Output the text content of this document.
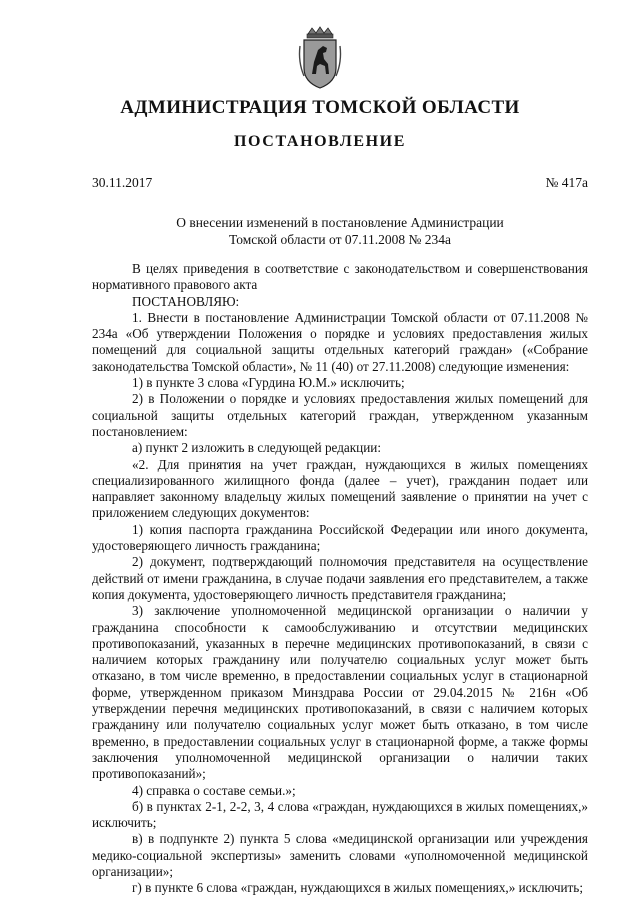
АДМИНИСТРАЦИЯ ТОМСКОЙ ОБЛАСТИ
ПОСТАНОВЛЕНИЕ
30.11.2017	№ 417а
О внесении изменений в постановление Администрации
Томской области от 07.11.2008 № 234а

В целях приведения в соответствие с законодательством и совершенствования нормативного правового акта

ПОСТАНОВЛЯЮ:

1. Внести в постановление Администрации Томской области от 07.11.2008 № 234а «Об утверждении Положения о порядке и условиях предоставления жилых помещений для социальной защиты отдельных категорий граждан» («Собрание законодательства Томской области», № 11 (40) от 27.11.2008) следующие изменения:

1) в пункте 3 слова «Гурдина Ю.М.» исключить;

2) в Положении о порядке и условиях предоставления жилых помещений для социальной защиты отдельных категорий граждан, утвержденном указанным постановлением:

а) пункт 2 изложить в следующей редакции:

«2. Для принятия на учет граждан, нуждающихся в жилых помещениях специализированного жилищного фонда (далее – учет), гражданин подает или направляет законному владельцу жилых помещений заявление о принятии на учет с приложением следующих документов:

1) копия паспорта гражданина Российской Федерации или иного документа, удостоверяющего личность гражданина;

2) документ, подтверждающий полномочия представителя на осуществление действий от имени гражданина, в случае подачи заявления его представителем, а также копия документа, удостоверяющего личность представителя гражданина;

3) заключение уполномоченной медицинской организации о наличии у гражданина способности к самообслуживанию и отсутствии медицинских противопоказаний, указанных в перечне медицинских противопоказаний, в связи с наличием которых гражданину или получателю социальных услуг может быть отказано, в том числе временно, в предоставлении социальных услуг в стационарной форме, утвержденном приказом Минздрава России от 29.04.2015 № 216н «Об утверждении перечня медицинских противопоказаний, в связи с наличием которых гражданину или получателю социальных услуг может быть отказано, в том числе временно, в предоставлении социальных услуг в стационарной форме, а также формы заключения уполномоченной медицинской организации о наличии таких противопоказаний»;

4) справка о составе семьи.»;

б) в пунктах 2-1, 2-2, 3, 4 слова «граждан, нуждающихся в жилых помещениях,» исключить;

в) в подпункте 2) пункта 5 слова «медицинской организации или учреждения медико-социальной экспертизы» заменить словами «уполномоченной медицинской организации»;

г) в пункте 6 слова «граждан, нуждающихся в жилых помещениях,» исключить;
